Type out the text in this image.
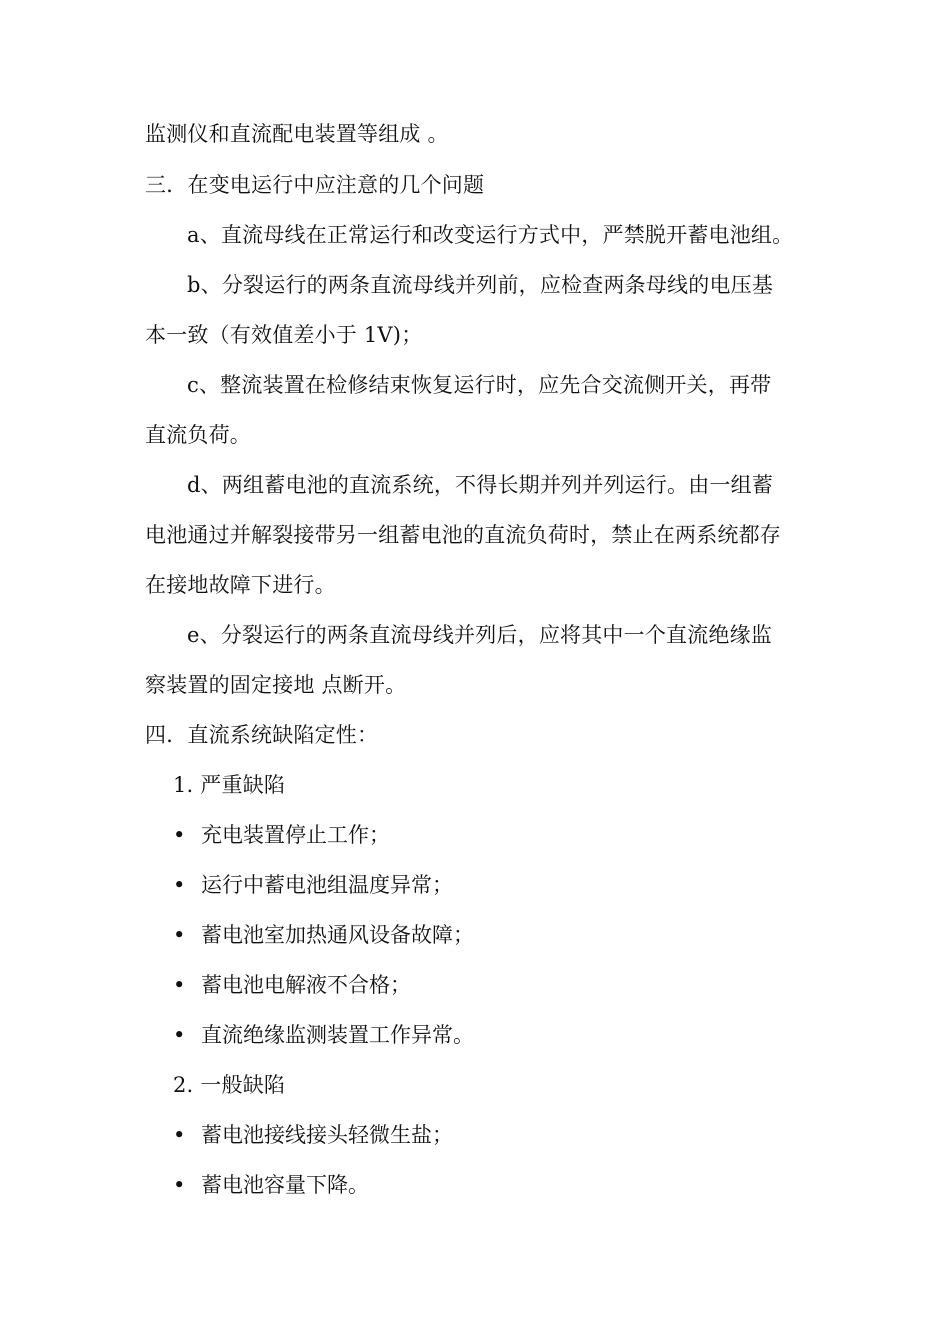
监测仪和直流配电装置等组成 。
三．在变电运行中应注意的几个问题
a、直流母线在正常运行和改变运行方式中，严禁脱开蓄电池组。
b、分裂运行的两条直流母线并列前，应检查两条母线的电压基
本一致（有效值差小于 1V)；
c、整流装置在检修结束恢复运行时，应先合交流侧开关，再带
直流负荷。
d、两组蓄电池的直流系统，不得长期并列并列运行。由一组蓄
电池通过并解裂接带另一组蓄电池的直流负荷时，禁止在两系统都存
在接地故障下进行。
e、分裂运行的两条直流母线并列后，应将其中一个直流绝缘监
察装置的固定接地 点断开。
四．直流系统缺陷定性：
1. 严重缺陷
• 充电装置停止工作；
• 运行中蓄电池组温度异常；
• 蓄电池室加热通风设备故障；
• 蓄电池电解液不合格；
• 直流绝缘监测装置工作异常。
2. 一般缺陷
• 蓄电池接线接头轻微生盐；
• 蓄电池容量下降。
